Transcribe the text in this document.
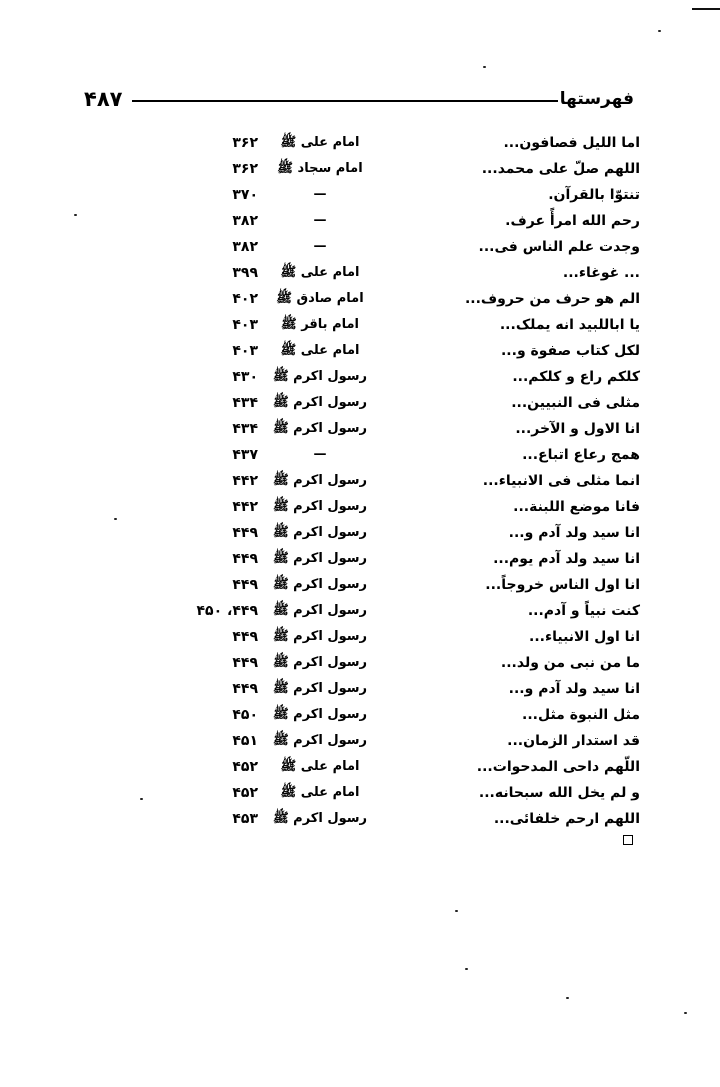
۴۸۷	فهرستها
اما اللیل فصافون...
امام علی ﷺ
۳۶۲
اللهم صلّ علی محمد...
امام سجاد ﷺ
۳۶۲
تنتوّا بالقرآن.
—
۳۷۰
رحم الله امرأً عرف.
—
۳۸۲
وجدت علم الناس فی...
—
۳۸۲
... غوغاء...
امام علی ﷺ
۳۹۹
الم هو حرف من حروف...
امام صادق ﷺ
۴۰۲
یا اباللبید انه یملک...
امام باقر ﷺ
۴۰۳
لکل کتاب صفوة و...
امام علی ﷺ
۴۰۳
کلکم راع و کلکم...
رسول اکرم ﷺ
۴۳۰
مثلی فی النبیین...
رسول اکرم ﷺ
۴۳۴
انا الاول و الآخر...
رسول اکرم ﷺ
۴۳۴
همج رعاع اتباع...
—
۴۳۷
انما مثلی فی الانبیاء...
رسول اکرم ﷺ
۴۴۲
فانا موضع اللبنة...
رسول اکرم ﷺ
۴۴۲
انا سید ولد آدم و...
رسول اکرم ﷺ
۴۴۹
انا سید ولد آدم یوم...
رسول اکرم ﷺ
۴۴۹
انا اول الناس خروجاً...
رسول اکرم ﷺ
۴۴۹
کنت نبیاً و آدم...
رسول اکرم ﷺ
۴۴۹، ۴۵۰
انا اول الانبیاء...
رسول اکرم ﷺ
۴۴۹
ما من نبی من ولد...
رسول اکرم ﷺ
۴۴۹
انا سید ولد آدم و...
رسول اکرم ﷺ
۴۴۹
مثل النبوة مثل...
رسول اکرم ﷺ
۴۵۰
قد استدار الزمان...
رسول اکرم ﷺ
۴۵۱
اللّهم داحی المدحوات...
امام علی ﷺ
۴۵۲
و لم یخل الله سبحانه...
امام علی ﷺ
۴۵۲
اللهم ارحم خلفائی...
رسول اکرم ﷺ
۴۵۳
